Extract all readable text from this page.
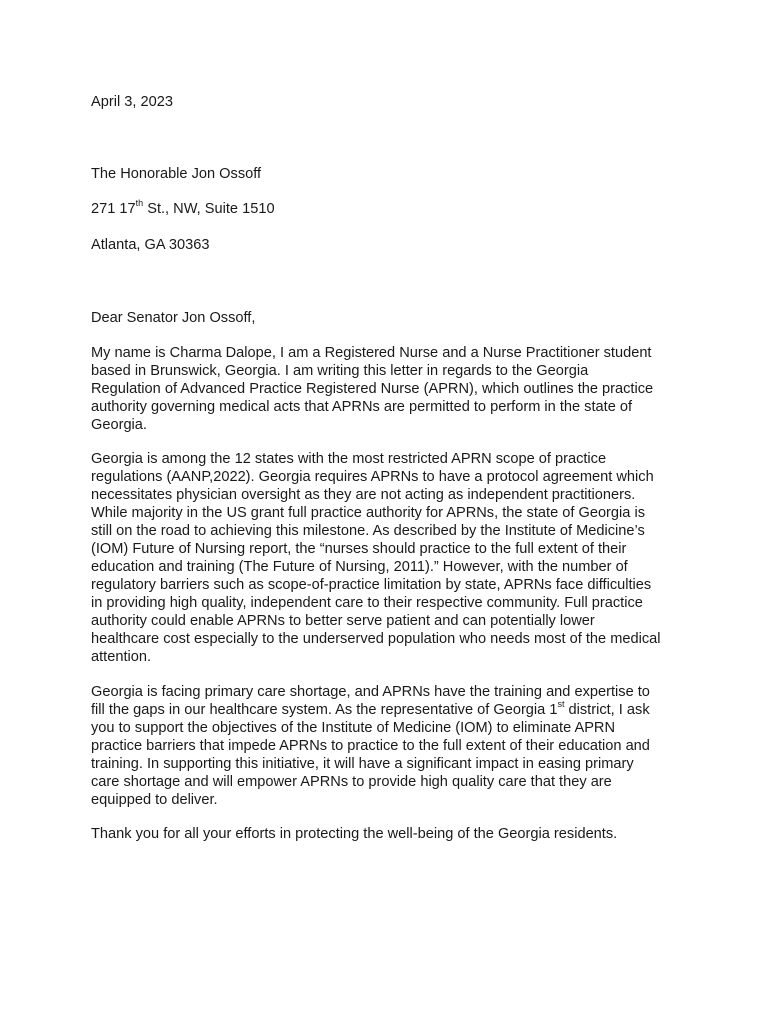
April 3, 2023
The Honorable Jon Ossoff
271 17th St., NW, Suite 1510
Atlanta, GA 30363
Dear Senator Jon Ossoff,

My name is Charma Dalope, I am a Registered Nurse and a Nurse Practitioner student

based in Brunswick, Georgia. I am writing this letter in regards to the Georgia

Regulation of Advanced Practice Registered Nurse (APRN), which outlines the practice

authority governing medical acts that APRNs are permitted to perform in the state of

Georgia.

Georgia is among the 12 states with the most restricted APRN scope of practice

regulations (AANP,2022). Georgia requires APRNs to have a protocol agreement which

necessitates physician oversight as they are not acting as independent practitioners.

While majority in the US grant full practice authority for APRNs, the state of Georgia is

still on the road to achieving this milestone. As described by the Institute of Medicine’s

(IOM) Future of Nursing report, the “nurses should practice to the full extent of their

education and training (The Future of Nursing, 2011).” However, with the number of

regulatory barriers such as scope-of-practice limitation by state, APRNs face difficulties

in providing high quality, independent care to their respective community. Full practice

authority could enable APRNs to better serve patient and can potentially lower

healthcare cost especially to the underserved population who needs most of the medical

attention.

Georgia is facing primary care shortage, and APRNs have the training and expertise to

fill the gaps in our healthcare system. As the representative of Georgia 1st district, I ask

you to support the objectives of the Institute of Medicine (IOM) to eliminate APRN

practice barriers that impede APRNs to practice to the full extent of their education and

training. In supporting this initiative, it will have a significant impact in easing primary

care shortage and will empower APRNs to provide high quality care that they are

equipped to deliver.

Thank you for all your efforts in protecting the well-being of the Georgia residents.
